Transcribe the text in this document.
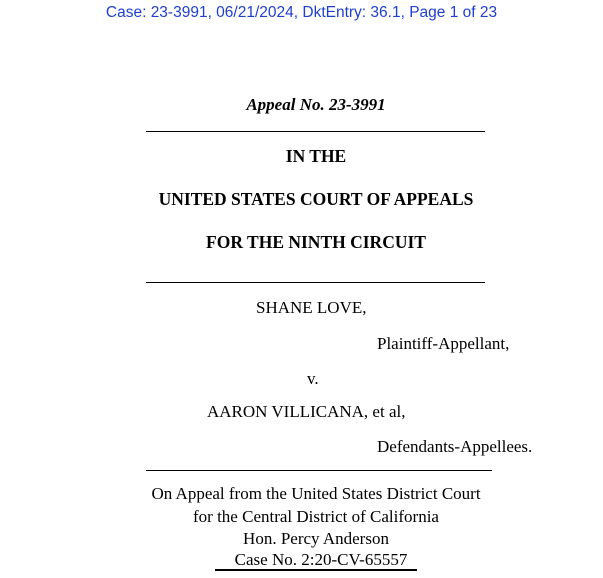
Case: 23-3991, 06/21/2024, DktEntry: 36.1, Page 1 of 23
Appeal No. 23-3991
IN THE
UNITED STATES COURT OF APPEALS
FOR THE NINTH CIRCUIT
SHANE LOVE,
Plaintiff-Appellant,
v.
AARON VILLICANA, et al,
Defendants-Appellees.
On Appeal from the United States District Court
for the Central District of California
Hon. Percy Anderson
Case No. 2:20-CV-65557
